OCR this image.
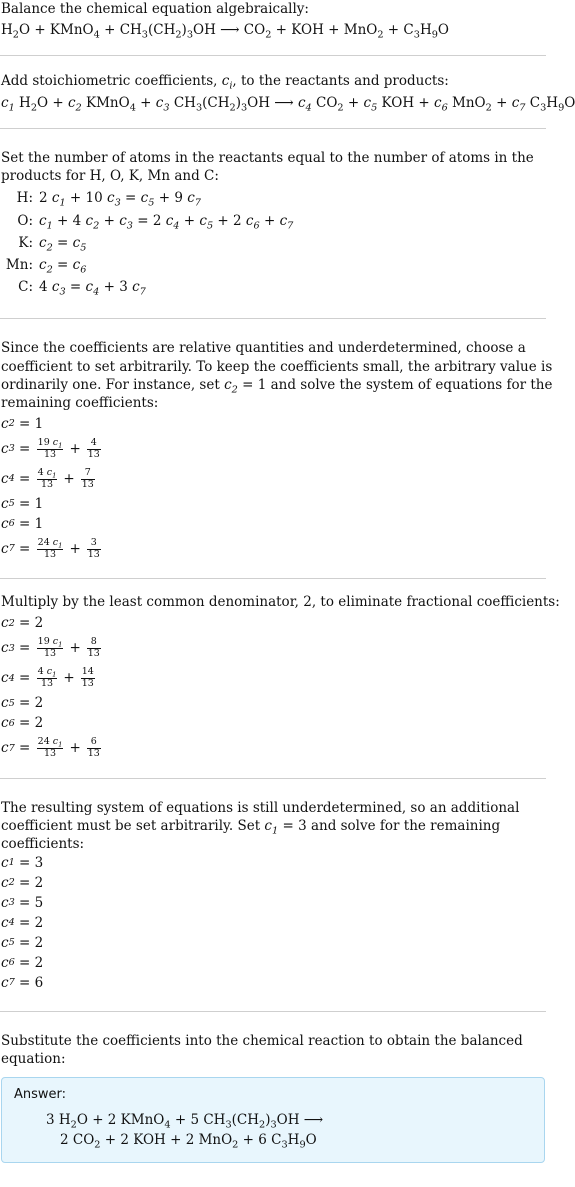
Balance the chemical equation algebraically:
$H_2O$ + KMnO$_4$ + $CH_3(CH_2)_3OH$ ⟶ $CO_2$ + KOH + $MnO_2 + C_3H_9O$
Add stoichiometric coefficients, $c_i$, to the reactants and products:
$c_1$ $H_2O + c_2$ KMnO$_4$ + $c_3$ $CH_3(CH_2)_3OH$ ⟶ $c_4$ $CO_2 + c_5$ KOH + $c_6$ $MnO_2 + c_7$ $C_3H_9O$
Set the number of atoms in the reactants equal to the number of atoms in the
products for H, O, K, Mn and C:
H:	2 $c_1 + 10$ $c_3 = c_5 + 9$ $c_7$
O:	$c_1 + 4$ $c_2 + c_3 = 2$ $c_4 + c_5 + 2$ $c_6 + c_7$
K:	$c_2 = c_5$
Mn:	$c_2 = c_6$
C:	4 $c_3 = c_4 + 3$ $c_7$
Since the coefficients are relative quantities and underdetermined, choose a
coefficient to set arbitrarily. To keep the coefficients small, the arbitrary value is
ordinarily one. For instance, set $c_2 = 1$ and solve the system of equations for the
remaining coefficients:
c 2 = 1
c $3 = \frac{19 c_1}{13} + \frac{4}{13}$
c $4 = \frac{4 c_1}{13} + \frac{7}{13}$
c 5 = 1
c 6 = 1
c $7 = \frac{24 c_1}{13} + \frac{3}{13}$
Multiply by the least common denominator, 2, to eliminate fractional coefficients:
c 2 = 2
c $3 = \frac{19 c_1}{13} + \frac{8}{13}$
c $4 = \frac{4 c_1}{13} + \frac{14}{13}$
c 5 = 2
c 6 = 2
c $7 = \frac{24 c_1}{13} + \frac{6}{13}$
The resulting system of equations is still underdetermined, so an additional
coefficient must be set arbitrarily. Set $c_1 = 3$ and solve for the remaining
coefficients:
c 1 = 3
c 2 = 2
c 3 = 5
c 4 = 2
c 5 = 2
c 6 = 2
c 7 = 6
Substitute the coefficients into the chemical reaction to obtain the balanced
equation:
Answer:
3 $H_2O + 2$ KMnO$_4$ + 5 $CH_3(CH_2)_3OH$ ⟶
2 $CO_2 + 2$ KOH + 2 MnO$_2$ + 6 $C_3H_9O$
